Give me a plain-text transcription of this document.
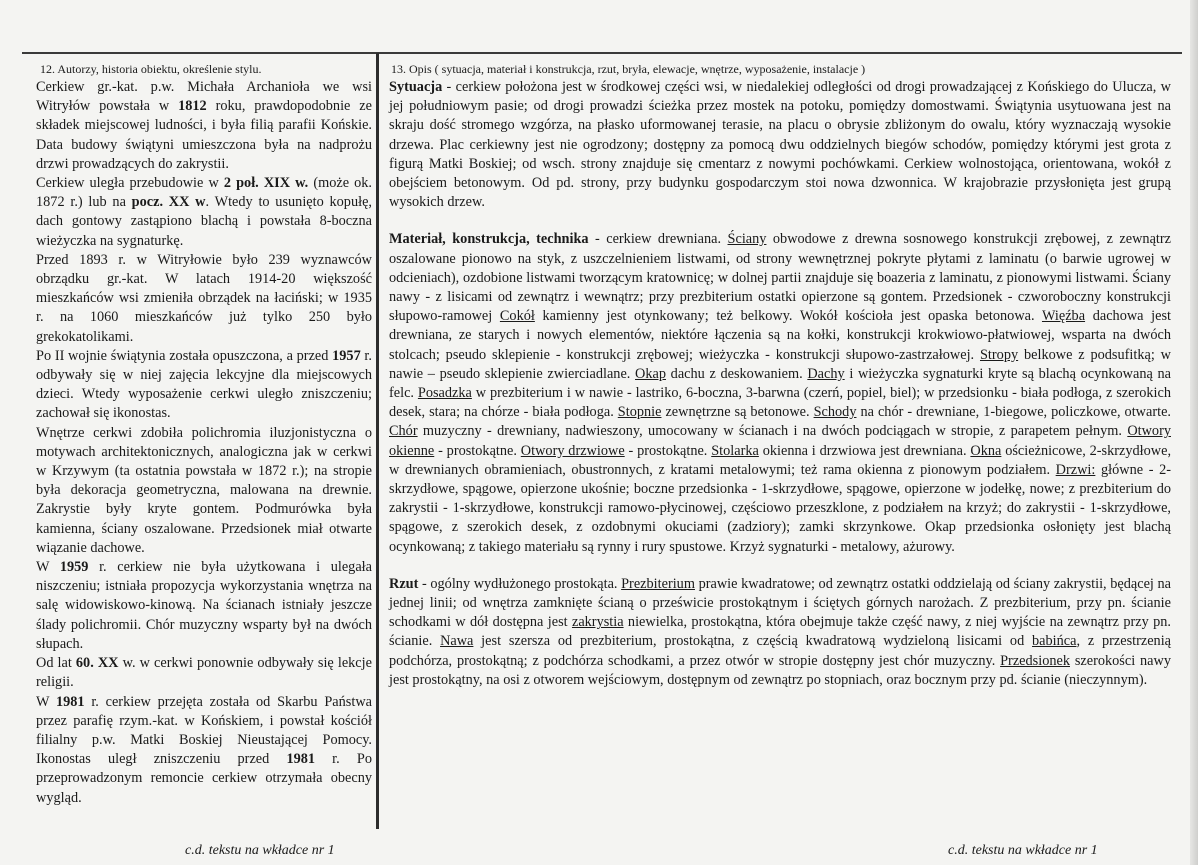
12. Autorzy, historia obiektu, określenie stylu.	13. Opis ( sytuacja, materiał i konstrukcja, rzut, bryła, elewacje, wnętrze, wyposażenie, instalacje )

Cerkiew gr.-kat. p.w. Michała Archanioła we wsi Witryłów powstała w 1812 roku, prawdopodobnie ze składek miejscowej ludności, i była filią parafii Końskie. Data budowy świątyni umieszczona była na nadprożu drzwi prowadzących do zakrystii.

Cerkiew uległa przebudowie w 2 poł. XIX w. (może ok. 1872 r.) lub na pocz. XX w. Wtedy to usunięto kopułę, dach gontowy zastąpiono blachą i powstała 8-boczna wieżyczka na sygnaturkę.

Przed 1893 r. w Witryłowie było 239 wyznawców obrządku gr.-kat. W latach 1914-20 większość mieszkańców wsi zmieniła obrządek na łaciński; w 1935 r. na 1060 mieszkańców już tylko 250 było grekokatolikami.

Po II wojnie świątynia została opuszczona, a przed 1957 r. odbywały się w niej zajęcia lekcyjne dla miejscowych dzieci. Wtedy wyposażenie cerkwi uległo zniszczeniu; zachował się ikonostas.

Wnętrze cerkwi zdobiła polichromia iluzjonistyczna o motywach architektonicznych, analogiczna jak w cerkwi w Krzywym (ta ostatnia powstała w 1872 r.); na stropie była dekoracja geometryczna, malowana na drewnie. Zakrystie były kryte gontem. Podmurówka była kamienna, ściany oszalowane. Przedsionek miał otwarte wiązanie dachowe.

W 1959 r. cerkiew nie była użytkowana i ulegała niszczeniu; istniała propozycja wykorzystania wnętrza na salę widowiskowo-kinową. Na ścianach istniały jeszcze ślady polichromii. Chór muzyczny wsparty był na dwóch słupach.

Od lat 60. XX w. w cerkwi ponownie odbywały się lekcje religii.

W 1981 r. cerkiew przejęta została od Skarbu Państwa przez parafię rzym.-kat. w Końskiem, i powstał kościół filialny p.w. Matki Boskiej Nieustającej Pomocy. Ikonostas uległ zniszczeniu przed 1981 r. Po przeprowadzonym remoncie cerkiew otrzymała obecny wygląd.

Sytuacja - cerkiew położona jest w środkowej części wsi, w niedalekiej odległości od drogi prowadzającej z Końskiego do Ulucza, w jej południowym pasie; od drogi prowadzi ścieżka przez mostek na potoku, pomiędzy domostwami. Świątynia usytuowana jest na skraju dość stromego wzgórza, na płasko uformowanej terasie, na placu o obrysie zbliżonym do owalu, który wyznaczają wysokie drzewa. Plac cerkiewny jest nie ogrodzony; dostępny za pomocą dwu oddzielnych biegów schodów, pomiędzy którymi jest grota z figurą Matki Boskiej; od wsch. strony znajduje się cmentarz z nowymi pochówkami. Cerkiew wolnostojąca, orientowana, wokół z obejściem betonowym. Od pd. strony, przy budynku gospodarczym stoi nowa dzwonnica. W krajobrazie przysłonięta jest grupą wysokich drzew.

Materiał, konstrukcja, technika - cerkiew drewniana. Ściany obwodowe z drewna sosnowego konstrukcji zrębowej, z zewnątrz oszalowane pionowo na styk, z uszczelnieniem listwami, od strony wewnętrznej pokryte płytami z laminatu (o barwie ugrowej w odcieniach), ozdobione listwami tworzącym kratownicę; w dolnej partii znajduje się boazeria z laminatu, z pionowymi listwami. Ściany nawy - z lisicami od zewnątrz i wewnątrz; przy prezbiterium ostatki opierzone są gontem. Przedsionek - czworoboczny konstrukcji słupowo-ramowej Cokół kamienny jest otynkowany; też belkowy. Wokół kościoła jest opaska betonowa. Więźba dachowa jest drewniana, ze starych i nowych elementów, niektóre łączenia są na kołki, konstrukcji krokwiowo-płatwiowej, wsparta na dwóch stolcach; pseudo sklepienie - konstrukcji zrębowej; wieżyczka - konstrukcji słupowo-zastrzałowej. Stropy belkowe z podsufitką; w nawie – pseudo sklepienie zwierciadlane. Okap dachu z deskowaniem. Dachy i wieżyczka sygnaturki kryte są blachą ocynkowaną na felc. Posadzka w prezbiterium i w nawie - lastriko, 6-boczna, 3-barwna (czerń, popiel, biel); w przedsionku - biała podłoga, z szerokich desek, stara; na chórze - biała podłoga. Stopnie zewnętrzne są betonowe. Schody na chór - drewniane, 1-biegowe, policzkowe, otwarte. Chór muzyczny - drewniany, nadwieszony, umocowany w ścianach i na dwóch podciągach w stropie, z parapetem pełnym. Otwory okienne - prostokątne. Otwory drzwiowe - prostokątne. Stolarka okienna i drzwiowa jest drewniana. Okna ościeżnicowe, 2-skrzydłowe, w drewnianych obramieniach, obustronnych, z kratami metalowymi; też rama okienna z pionowym podziałem. Drzwi: główne - 2-skrzydłowe, spągowe, opierzone ukośnie; boczne przedsionka - 1-skrzydłowe, spągowe, opierzone w jodełkę, nowe; z prezbiterium do zakrystii - 1-skrzydłowe, konstrukcji ramowo-płycinowej, częściowo przeszklone, z podziałem na krzyż; do zakrystii - 1-skrzydłowe, spągowe, z szerokich desek, z ozdobnymi okuciami (zadziory); zamki skrzynkowe. Okap przedsionka osłonięty jest blachą ocynkowaną; z takiego materiału są rynny i rury spustowe. Krzyż sygnaturki - metalowy, ażurowy.

Rzut - ogólny wydłużonego prostokąta. Prezbiterium prawie kwadratowe; od zewnątrz ostatki oddzielają od ściany zakrystii, będącej na jednej linii; od wnętrza zamknięte ścianą o prześwicie prostokątnym i ściętych górnych narożach. Z prezbiterium, przy pn. ścianie schodkami w dół dostępna jest zakrystia niewielka, prostokątna, która obejmuje także część nawy, z niej wyjście na zewnątrz przy pn. ścianie. Nawa jest szersza od prezbiterium, prostokątna, z częścią kwadratową wydzieloną lisicami od babińca, z przestrzenią podchórza, prostokątną; z podchórza schodkami, a przez otwór w stropie dostępny jest chór muzyczny. Przedsionek szerokości nawy jest prostokątny, na osi z otworem wejściowym, dostępnym od zewnątrz po stopniach, oraz bocznym przy pd. ścianie (nieczynnym).

c.d. tekstu na wkładce nr 1	c.d. tekstu na wkładce nr 1
